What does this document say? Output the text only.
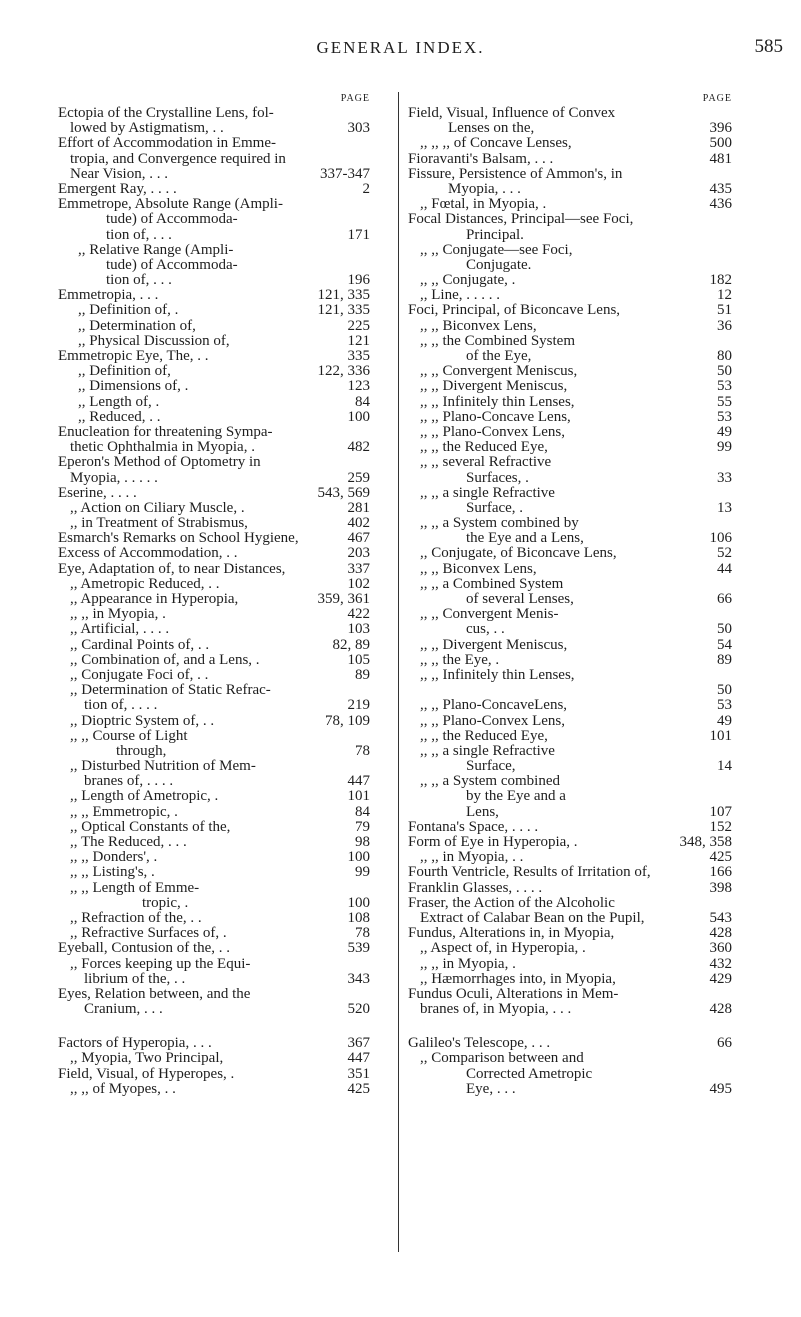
GENERAL INDEX.	585
PAGE
Ectopia of the Crystalline Lens, fol-
lowed by Astigmatism, . .	303
Effort of Accommodation in Emme-
tropia, and Convergence required in
Near Vision, . . .	337-347
Emergent Ray, . . . .	2
Emmetrope, Absolute Range (Ampli-
tude) of Accommoda-
tion of, . . .	171
,, Relative Range (Ampli-
tude) of Accommoda-
tion of, . . .	196
Emmetropia, . . .	121, 335
,, Definition of, .	121, 335
,, Determination of,	225
,, Physical Discussion of,	121
Emmetropic Eye, The, . .	335
,, Definition of,	122, 336
,, Dimensions of, .	123
,, Length of, .	84
,, Reduced, . .	100
Enucleation for threatening Sympa-
thetic Ophthalmia in Myopia, .	482
Eperon's Method of Optometry in
Myopia, . . . . .	259
Eserine, . . . .	543, 569
,, Action on Ciliary Muscle, .	281
,, in Treatment of Strabismus,	402
Esmarch's Remarks on School Hygiene,	467
Excess of Accommodation, . .	203
Eye, Adaptation of, to near Distances,	337
,, Ametropic Reduced, . .	102
,, Appearance in Hyperopia,	359, 361
,, ,, in Myopia, .	422
,, Artificial, . . . .	103
,, Cardinal Points of, . .	82, 89
,, Combination of, and a Lens, .	105
,, Conjugate Foci of, . .	89
,, Determination of Static Refrac-
tion of, . . . .	219
,, Dioptric System of, . .	78, 109
,, ,, Course of Light
through,	78
,, Disturbed Nutrition of Mem-
branes of, . . . .	447
,, Length of Ametropic, .	101
,, ,, Emmetropic, .	84
,, Optical Constants of the,	79
,, The Reduced, . . .	98
,, ,, Donders', .	100
,, ,, Listing's, .	99
,, ,, Length of Emme-
tropic, .	100
,, Refraction of the, . .	108
,, Refractive Surfaces of, .	78
Eyeball, Contusion of the, . .	539
,, Forces keeping up the Equi-
librium of the, . .	343
Eyes, Relation between, and the
Cranium, . . .	520
Factors of Hyperopia, . . .	367
,, Myopia, Two Principal,	447
Field, Visual, of Hyperopes, .	351
,, ,, of Myopes, . .	425
PAGE
Field, Visual, Influence of Convex
Lenses on the,	396
,, ,, ,, of Concave Lenses,	500
Fioravanti's Balsam, . . .	481
Fissure, Persistence of Ammon's, in
Myopia, . . .	435
,, Fœtal, in Myopia, .	436
Focal Distances, Principal—see Foci,
Principal.
,, ,, Conjugate—see Foci,
Conjugate.
,, ,, Conjugate, .	182
,, Line, . . . . .	12
Foci, Principal, of Biconcave Lens,	51
,, ,, Biconvex Lens,	36
,, ,, the Combined System
of the Eye,	80
,, ,, Convergent Meniscus,	50
,, ,, Divergent Meniscus,	53
,, ,, Infinitely thin Lenses,	55
,, ,, Plano-Concave Lens,	53
,, ,, Plano-Convex Lens,	49
,, ,, the Reduced Eye,	99
,, ,, several Refractive
Surfaces, .	33
,, ,, a single Refractive
Surface, .	13
,, ,, a System combined by
the Eye and a Lens,	106
,, Conjugate, of Biconcave Lens,	52
,, ,, Biconvex Lens,	44
,, ,, a Combined System
of several Lenses,	66
,, ,, Convergent Menis-
cus, . .	50
,, ,, Divergent Meniscus,	54
,, ,, the Eye, .	89
,, ,, Infinitely thin Lenses,
50
,, ,, Plano-ConcaveLens,	53
,, ,, Plano-Convex Lens,	49
,, ,, the Reduced Eye,	101
,, ,, a single Refractive
Surface,	14
,, ,, a System combined
by the Eye and a
Lens,	107
Fontana's Space, . . . .	152
Form of Eye in Hyperopia, .	348, 358
,, ,, in Myopia, . .	425
Fourth Ventricle, Results of Irritation of,	166
Franklin Glasses, . . . .	398
Fraser, the Action of the Alcoholic
Extract of Calabar Bean on the Pupil,	543
Fundus, Alterations in, in Myopia,	428
,, Aspect of, in Hyperopia, .	360
,, ,, in Myopia, .	432
,, Hæmorrhages into, in Myopia,	429
Fundus Oculi, Alterations in Mem-
branes of, in Myopia, . . .	428
Galileo's Telescope, . . .	66
,, Comparison between and
Corrected Ametropic
Eye, . . .	495
